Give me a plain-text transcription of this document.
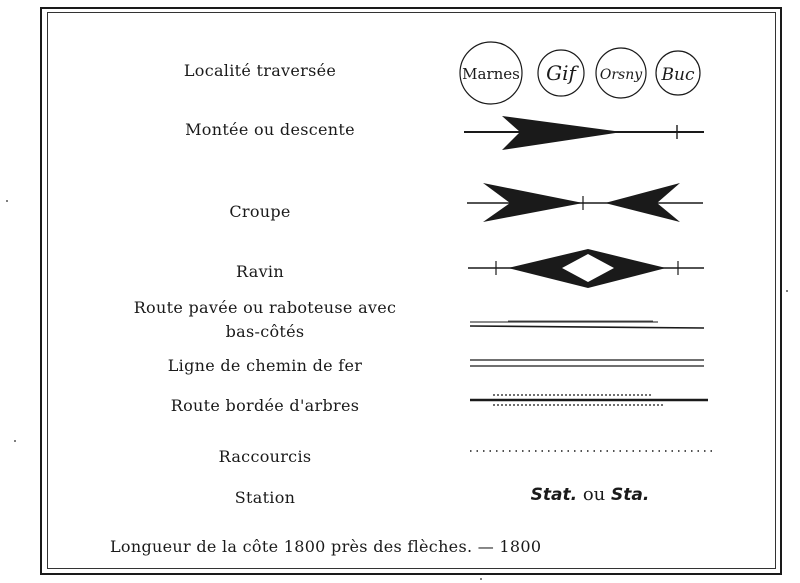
Localité traversée	Marnes Gif Orsny Buc
Montée ou descente
Croupe
Ravin
Route pavée ou raboteuse avec
bas-côtés
Ligne de chemin de fer
Route bordée d'arbres
Raccourcis
Station	Stat. ou Sta.
Longueur de la côte 1800 près des flèches. — 1800
